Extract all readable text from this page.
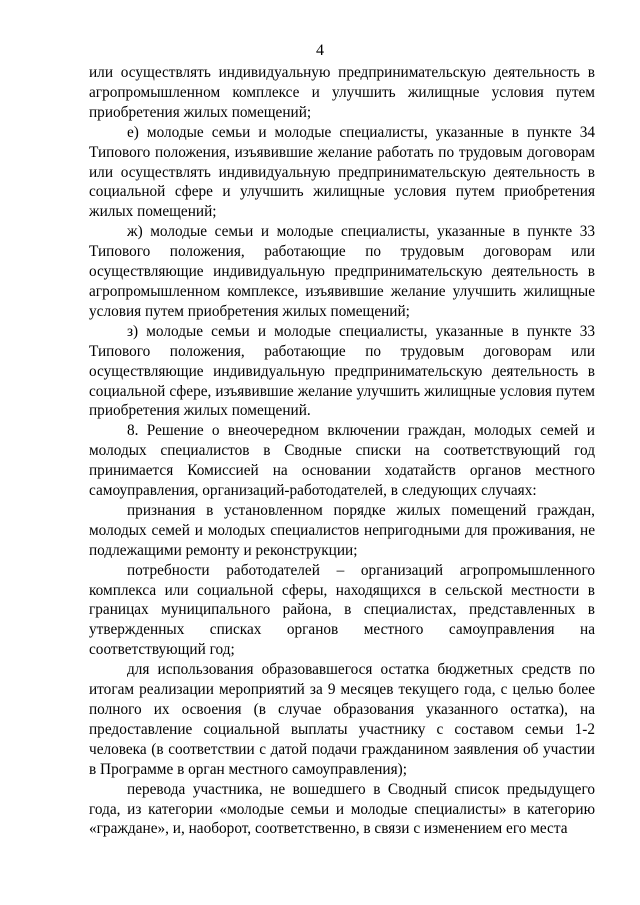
4

или осуществлять индивидуальную предпринимательскую деятельность в агропромышленном комплексе и улучшить жилищные условия путем приобретения жилых помещений;

е) молодые семьи и молодые специалисты, указанные в пункте 34 Типового положения, изъявившие желание работать по трудовым договорам или осуществлять индивидуальную предпринимательскую деятельность в социальной сфере и улучшить жилищные условия путем приобретения жилых помещений;

ж) молодые семьи и молодые специалисты, указанные в пункте 33 Типового положения, работающие по трудовым договорам или осуществляющие индивидуальную предпринимательскую деятельность в агропромышленном комплексе, изъявившие желание улучшить жилищные условия путем приобретения жилых помещений;

з) молодые семьи и молодые специалисты, указанные в пункте 33 Типового положения, работающие по трудовым договорам или осуществляющие индивидуальную предпринимательскую деятельность в социальной сфере, изъявившие желание улучшить жилищные условия путем приобретения жилых помещений.

8. Решение о внеочередном включении граждан, молодых семей и молодых специалистов в Сводные списки на соответствующий год принимается Комиссией на основании ходатайств органов местного самоуправления, организаций-работодателей, в следующих случаях:

признания в установленном порядке жилых помещений граждан, молодых семей и молодых специалистов непригодными для проживания, не подлежащими ремонту и реконструкции;

потребности работодателей – организаций агропромышленного комплекса или социальной сферы, находящихся в сельской местности в границах муниципального района, в специалистах, представленных в утвержденных списках органов местного самоуправления на соответствующий год;

для использования образовавшегося остатка бюджетных средств по итогам реализации мероприятий за 9 месяцев текущего года, с целью более полного их освоения (в случае образования указанного остатка), на предоставление социальной выплаты участнику с составом семьи 1-2 человека (в соответствии с датой подачи гражданином заявления об участии в Программе в орган местного самоуправления);

перевода участника, не вошедшего в Сводный список предыдущего года, из категории «молодые семьи и молодые специалисты» в категорию «граждане», и, наоборот, соответственно, в связи с изменением его места
